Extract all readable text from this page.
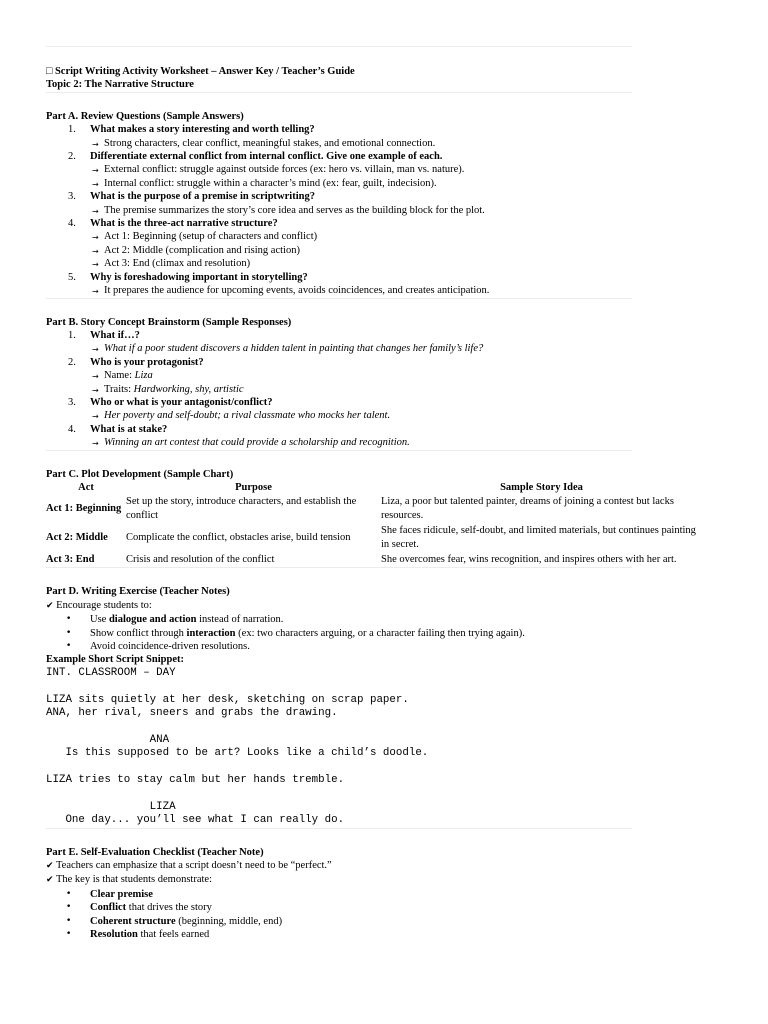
□ Script Writing Activity Worksheet – Answer Key / Teacher’s Guide
Topic 2: The Narrative Structure
Part A. Review Questions (Sample Answers)
1. What makes a story interesting and worth telling?
→ Strong characters, clear conflict, meaningful stakes, and emotional connection.
2. Differentiate external conflict from internal conflict. Give one example of each.
→ External conflict: struggle against outside forces (ex: hero vs. villain, man vs. nature).
→ Internal conflict: struggle within a character’s mind (ex: fear, guilt, indecision).
3. What is the purpose of a premise in scriptwriting?
→ The premise summarizes the story’s core idea and serves as the building block for the plot.
4. What is the three-act narrative structure?
→ Act 1: Beginning (setup of characters and conflict)
→ Act 2: Middle (complication and rising action)
→ Act 3: End (climax and resolution)
5. Why is foreshadowing important in storytelling?
→ It prepares the audience for upcoming events, avoids coincidences, and creates anticipation.
Part B. Story Concept Brainstorm (Sample Responses)
1. What if…?
→ What if a poor student discovers a hidden talent in painting that changes her family’s life?
2. Who is your protagonist?
→ Name: Liza
→ Traits: Hardworking, shy, artistic
3. Who or what is your antagonist/conflict?
→ Her poverty and self-doubt; a rival classmate who mocks her talent.
4. What is at stake?
→ Winning an art contest that could provide a scholarship and recognition.
Part C. Plot Development (Sample Chart)
Act	Purpose	Sample Story Idea
Act 1: Beginning	Set up the story, introduce characters, and establish the conflict	Liza, a poor but talented painter, dreams of joining a contest but lacks resources.
Act 2: Middle	Complicate the conflict, obstacles arise, build tension	She faces ridicule, self-doubt, and limited materials, but continues painting in secret.
Act 3: End	Crisis and resolution of the conflict	She overcomes fear, wins recognition, and inspires others with her art.
Part D. Writing Exercise (Teacher Notes)
✔ Encourage students to:
• Use dialogue and action instead of narration.
• Show conflict through interaction (ex: two characters arguing, or a character failing then trying again).
• Avoid coincidence-driven resolutions.
Example Short Script Snippet:
INT. CLASSROOM – DAY
LIZA sits quietly at her desk, sketching on scrap paper.
ANA, her rival, sneers and grabs the drawing.
ANA
Is this supposed to be art? Looks like a child’s doodle.
LIZA tries to stay calm but her hands tremble.
LIZA
One day... you’ll see what I can really do.
Part E. Self-Evaluation Checklist (Teacher Note)
✔ Teachers can emphasize that a script doesn’t need to be “perfect.”
✔ The key is that students demonstrate:
• Clear premise
• Conflict that drives the story
• Coherent structure (beginning, middle, end)
• Resolution that feels earned
